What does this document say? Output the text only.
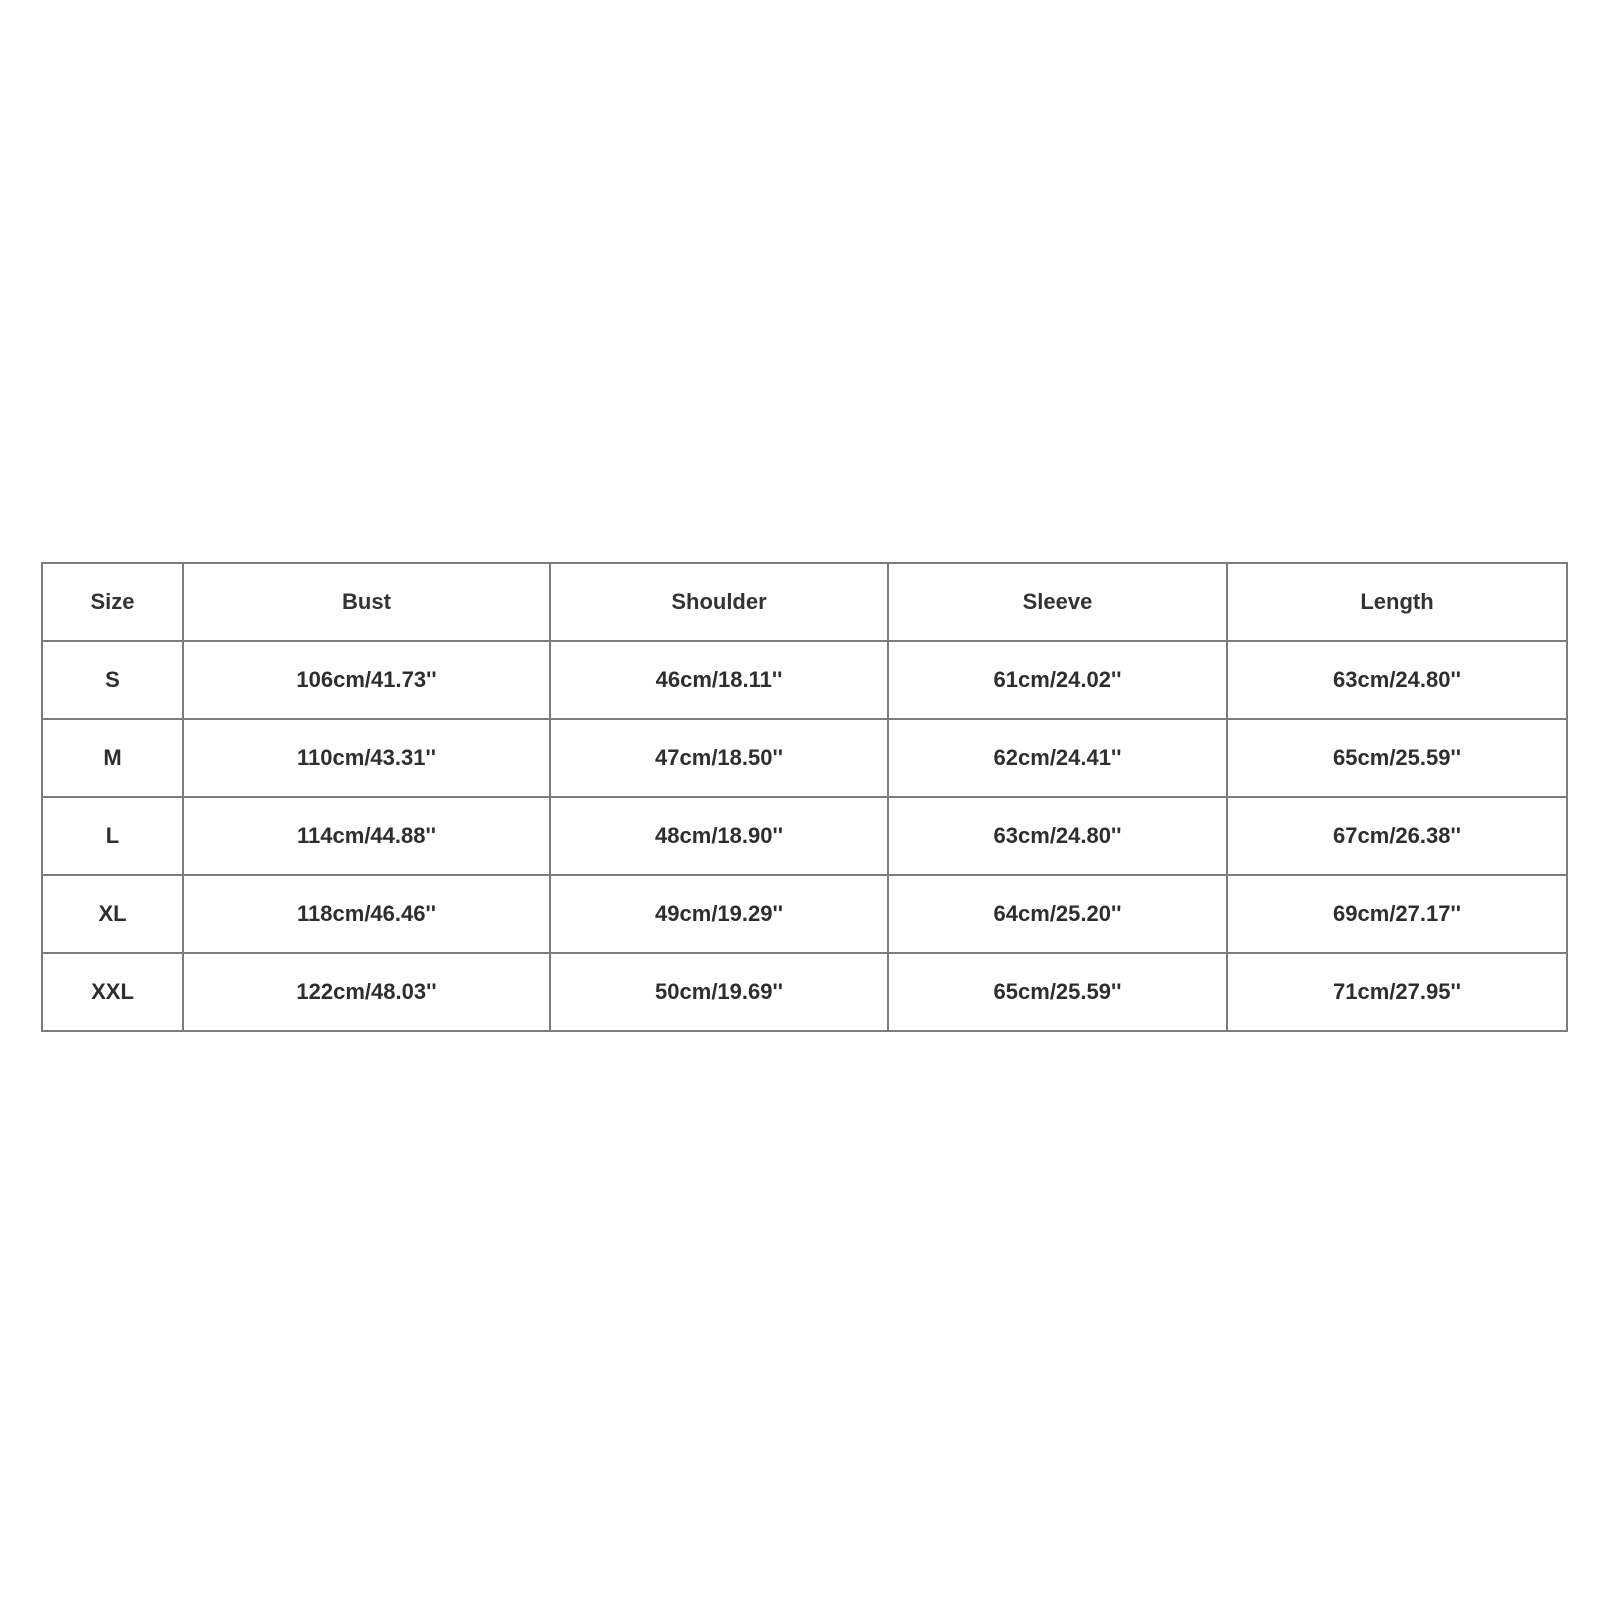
Size	Bust	Shoulder	Sleeve	Length
S	106cm/41.73''	46cm/18.11''	61cm/24.02''	63cm/24.80''
M	110cm/43.31''	47cm/18.50''	62cm/24.41''	65cm/25.59''
L	114cm/44.88''	48cm/18.90''	63cm/24.80''	67cm/26.38''
XL	118cm/46.46''	49cm/19.29''	64cm/25.20''	69cm/27.17''
XXL	122cm/48.03''	50cm/19.69''	65cm/25.59''	71cm/27.95''
